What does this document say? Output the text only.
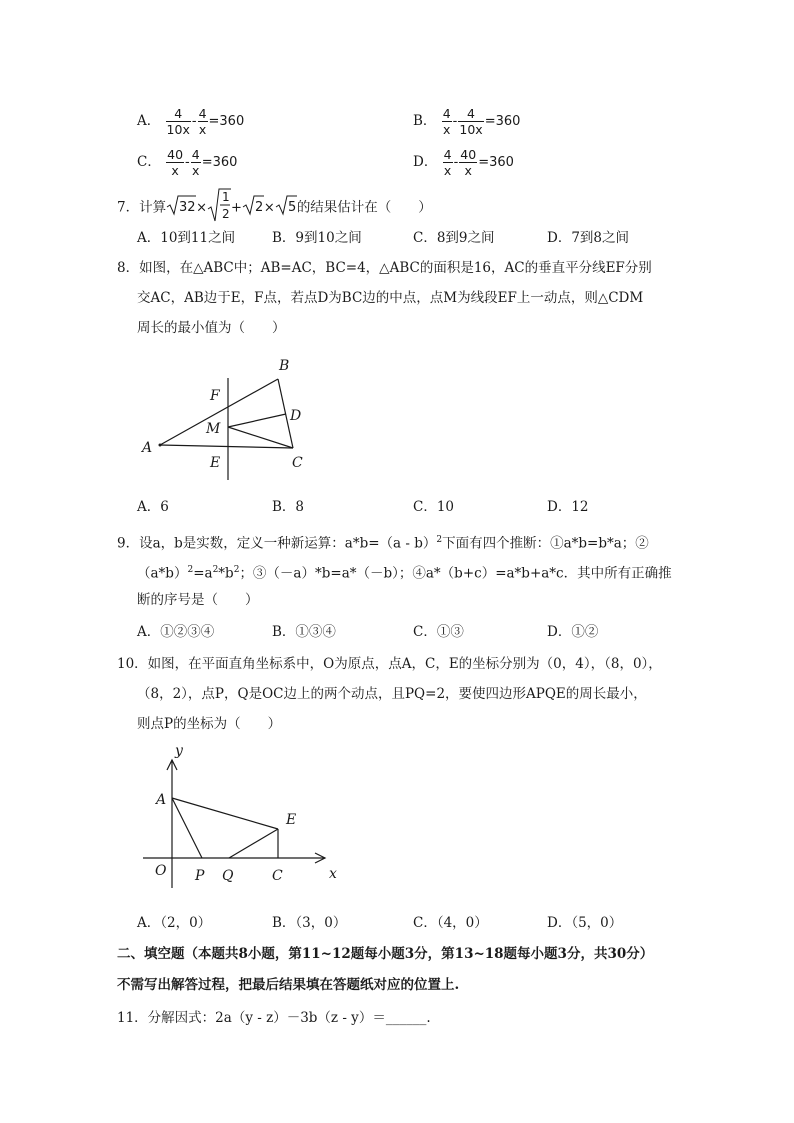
A． $\frac{4}{10x} - \frac{4}{x} =360$	B． $\frac{4}{x} - \frac{4}{10x} =360$
C． $\frac{40}{x} - \frac{4}{x} =360$	D． $\frac{4}{x} - \frac{40}{x} =360$
7．计算 32 ×
1
2 + 2 × 5 的结果估计在（　　）
A．10到11之间	B．9到10之间	C．8到9之间	D．7到8之间
8．如图，在△ABC中；AB=AC，BC=4，△ABC的面积是16，AC的垂直平分线EF分别
交AC，AB边于E，F点，若点D为BC边的中点，点M为线段EF上一动点，则△CDM
周长的最小值为（　　）
A
B
C
D
E
F
M
A．6	B．8	C．10	D．12
9．设a，b是实数，定义一种新运算：a*b=（a - b）$^2$下面有四个推断：①a*b=b*a；②
$(a*b)^2=a^2*b^2$；③（－a）*b=a*（－b）；④a*（b+c）=a*b+a*c．其中所有正确推
断的序号是（　　）
A．①②③④	B．①③④	C．①③	D．①②
10．如图，在平面直角坐标系中，O为原点，点A，C，E的坐标分别为（0，4），（8，0），
（8，2），点P，Q是OC边上的两个动点，且PQ=2，要使四边形APQE的周长最小，
则点P的坐标为（　　）
y
x
A
E
O P Q	C
A．（2，0）	B．（3，0）	C．（4，0）	D．（5，0）
二、填空题（本题共8小题，第11~12题每小题3分，第13~18题每小题3分，共30分）
不需写出解答过程，把最后结果填在答题纸对应的位置上.
11．分解因式：2a（y - z）－3b（z - y）＝______.
